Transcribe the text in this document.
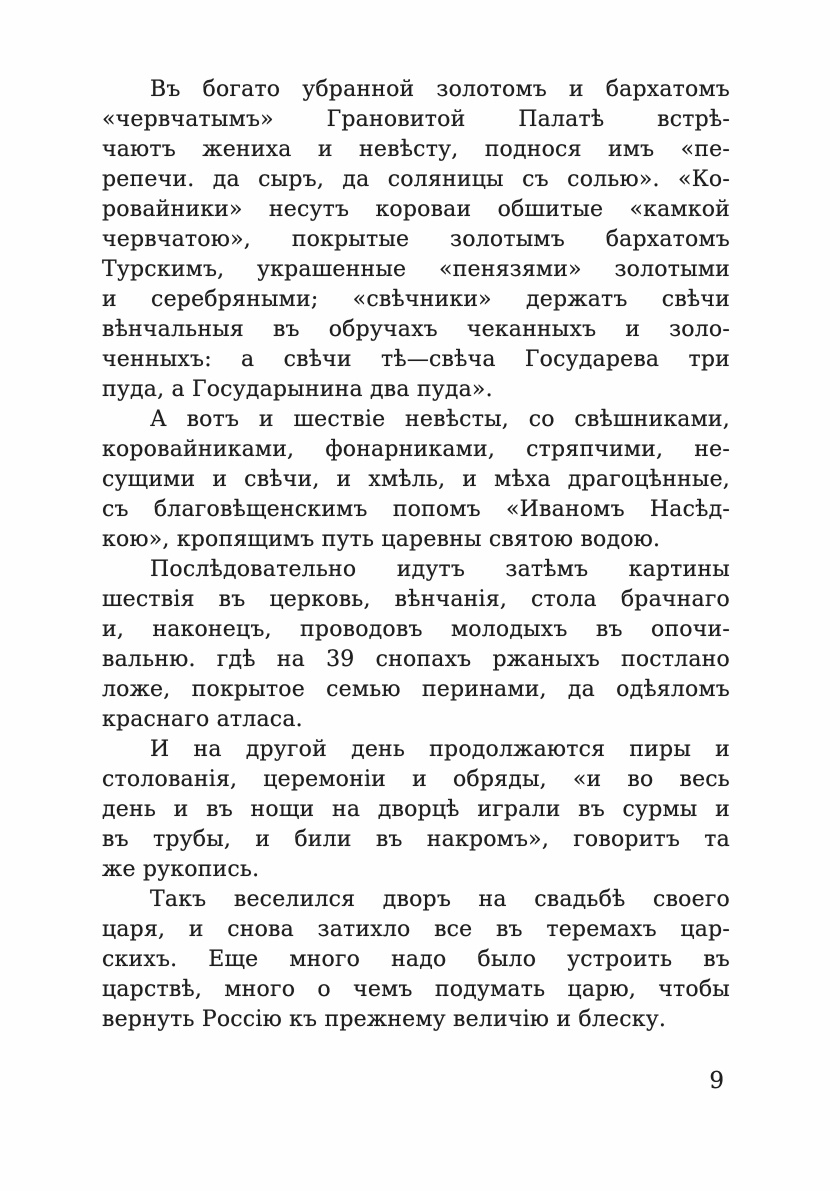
Въ богато убранной золотомъ и бархатомъ
«червчатымъ» Грановитой Палатѣ встрѣ-
чаютъ жениха и невѣсту, поднося имъ «пе-
репечи. да сыръ, да соляницы съ солью». «Ко-
ровайники» несутъ короваи обшитые «камкой
червчатою», покрытые золотымъ бархатомъ
Турскимъ, украшенные «пенязями» золотыми
и серебряными; «свѣчники» держатъ свѣчи
вѣнчальныя въ обручахъ чеканныхъ и золо-
ченныхъ: а свѣчи тѣ—свѣча Государева три
пуда, а Государынина два пуда».
А вотъ и шествіе невѣсты, со свѣшниками,
коровайниками, фонарниками, стряпчими, не-
сущими и свѣчи, и хмѣль, и мѣха драгоцѣнные,
съ благовѣщенскимъ попомъ «Иваномъ Насѣд-
кою», кропящимъ путь царевны святою водою.
Послѣдовательно идутъ затѣмъ картины
шествія въ церковь, вѣнчанія, стола брачнаго
и, наконецъ, проводовъ молодыхъ въ опочи-
вальню. гдѣ на 39 снопахъ ржаныхъ постлано
ложе, покрытое семью перинами, да одѣяломъ
краснаго атласа.
И на другой день продолжаются пиры и
столованія, церемоніи и обряды, «и во весь
день и въ нощи на дворцѣ играли въ сурмы и
въ трубы, и били въ накромъ», говоритъ та
же рукопись.
Такъ веселился дворъ на свадьбѣ своего
царя, и снова затихло все въ теремахъ цар-
скихъ. Еще много надо было устроить въ
царствѣ, много о чемъ подумать царю, чтобы
вернуть Россію къ прежнему величію и блеску.
9
